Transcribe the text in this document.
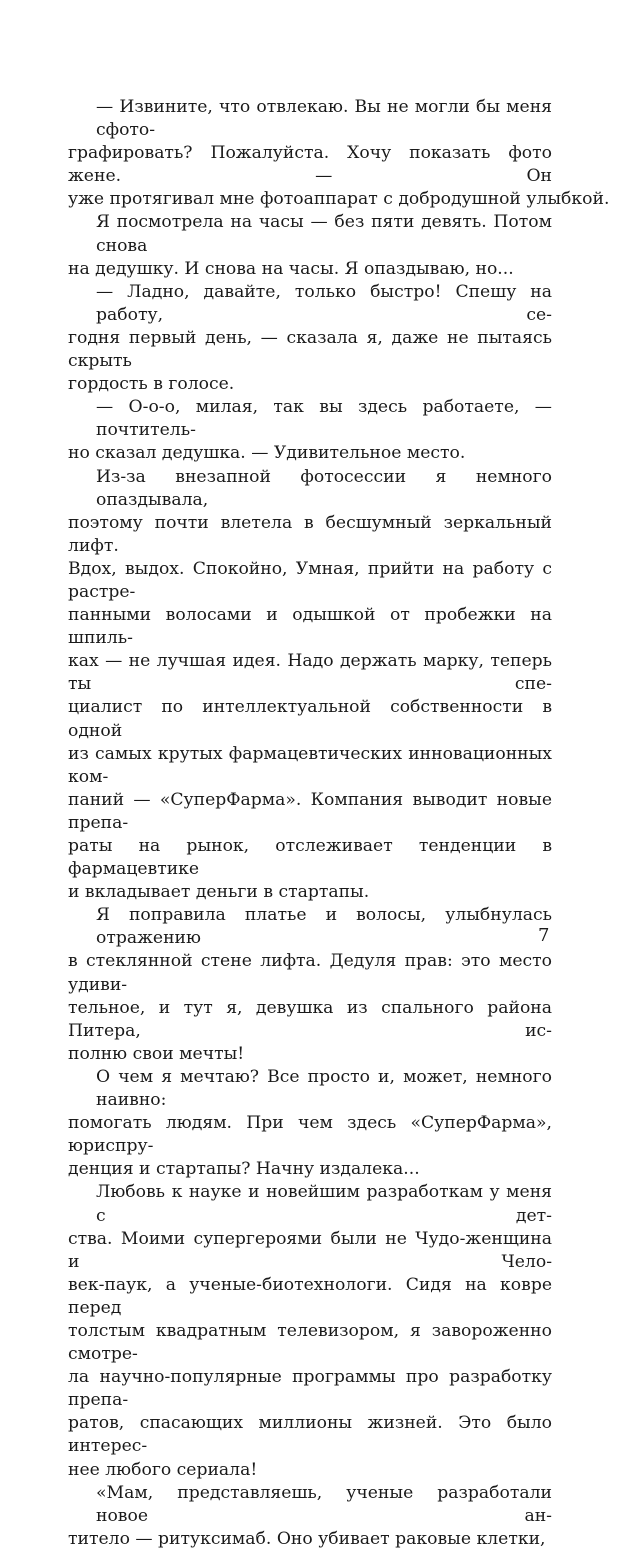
— Извините, что отвлекаю. Вы не могли бы меня сфото-
графировать? Пожалуйста. Хочу показать фото жене. — Он
уже протягивал мне фотоаппарат с добродушной улыбкой.

Я посмотрела на часы — без пяти девять. Потом снова
на дедушку. И снова на часы. Я опаздываю, но...

— Ладно, давайте, только быстро! Спешу на работу, се-
годня первый день, — сказала я, даже не пытаясь скрыть
гордость в голосе.

— О-о-о, милая, так вы здесь работаете, — почтитель-
но сказал дедушка. — Удивительное место.

Из-за внезапной фотосессии я немного опаздывала,
поэтому почти влетела в бесшумный зеркальный лифт.
Вдох, выдох. Спокойно, Умная, прийти на работу с растре-
панными волосами и одышкой от пробежки на шпиль-
ках — не лучшая идея. Надо держать марку, теперь ты спе-
циалист по интеллектуальной собственности в одной
из самых крутых фармацевтических инновационных ком-
паний — «СуперФарма». Компания выводит новые препа-
раты на рынок, отслеживает тенденции в фармацевтике
и вкладывает деньги в стартапы.

Я поправила платье и волосы, улыбнулась отражению
в стеклянной стене лифта. Дедуля прав: это место удиви-
тельное, и тут я, девушка из спального района Питера, ис-
полню свои мечты!

О чем я мечтаю? Все просто и, может, немного наивно:
помогать людям. При чем здесь «СуперФарма», юриспру-
денция и стартапы? Начну издалека...

Любовь к науке и новейшим разработкам у меня с дет-
ства. Моими супергероями были не Чудо-женщина и Чело-
век-паук, а ученые-биотехнологи. Сидя на ковре перед
толстым квадратным телевизором, я завороженно смотре-
ла научно-популярные программы про разработку препа-
ратов, спасающих миллионы жизней. Это было интерес-
нее любого сериала!

«Мам, представляешь, ученые разработали новое ан-
титело — ритуксимаб. Оно убивает раковые клетки,

7
